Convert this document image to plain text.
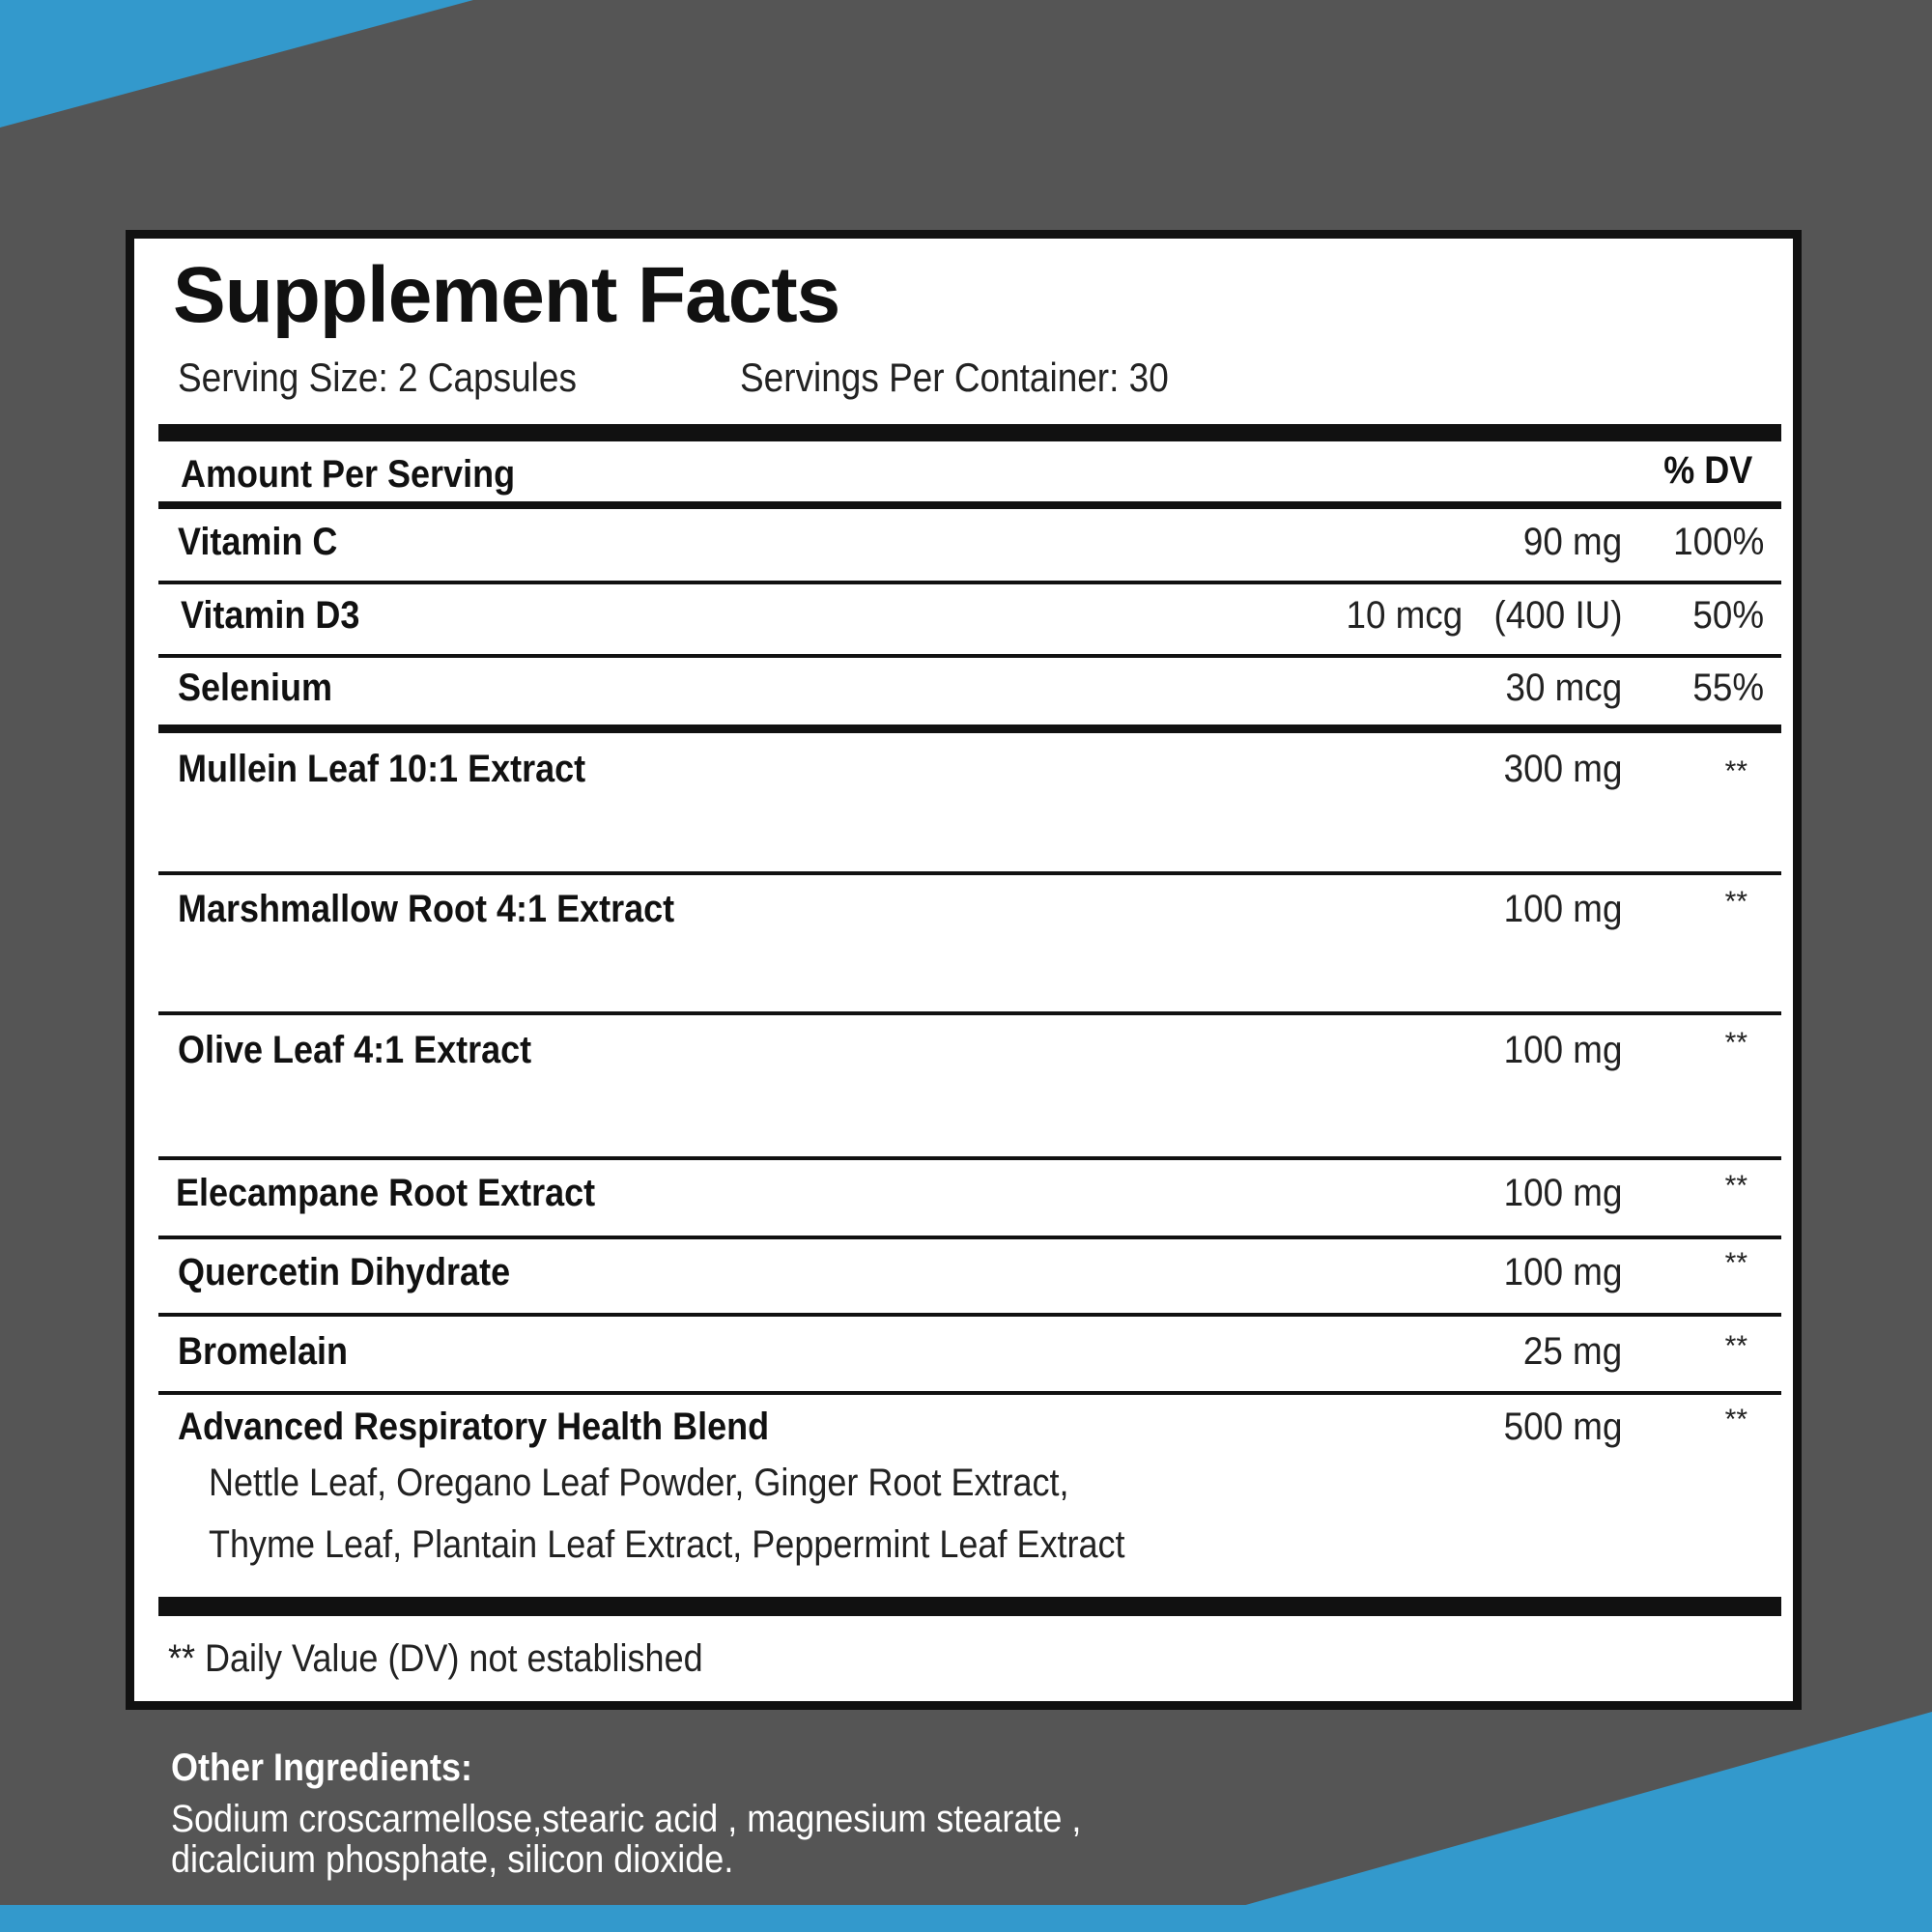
Supplement Facts
Serving Size: 2 Capsules	Servings Per Container: 30
Amount Per Serving	% DV
Vitamin C	90 mg 100%
Vitamin D3	10 mcg (400 IU) 50%
Selenium	30 mcg 55%
Mullein Leaf 10:1 Extract	300 mg	**
Marshmallow Root 4:1 Extract	100 mg	**
Olive Leaf 4:1 Extract	100 mg	**
Elecampane Root Extract	100 mg	**
Quercetin Dihydrate	100 mg	**
Bromelain	25 mg	**
Advanced Respiratory Health Blend	500 mg	**
Nettle Leaf, Oregano Leaf Powder, Ginger Root Extract,
Thyme Leaf, Plantain Leaf Extract, Peppermint Leaf Extract
** Daily Value (DV) not established
Other Ingredients:
Sodium croscarmellose,stearic acid , magnesium stearate ,
dicalcium phosphate, silicon dioxide.
